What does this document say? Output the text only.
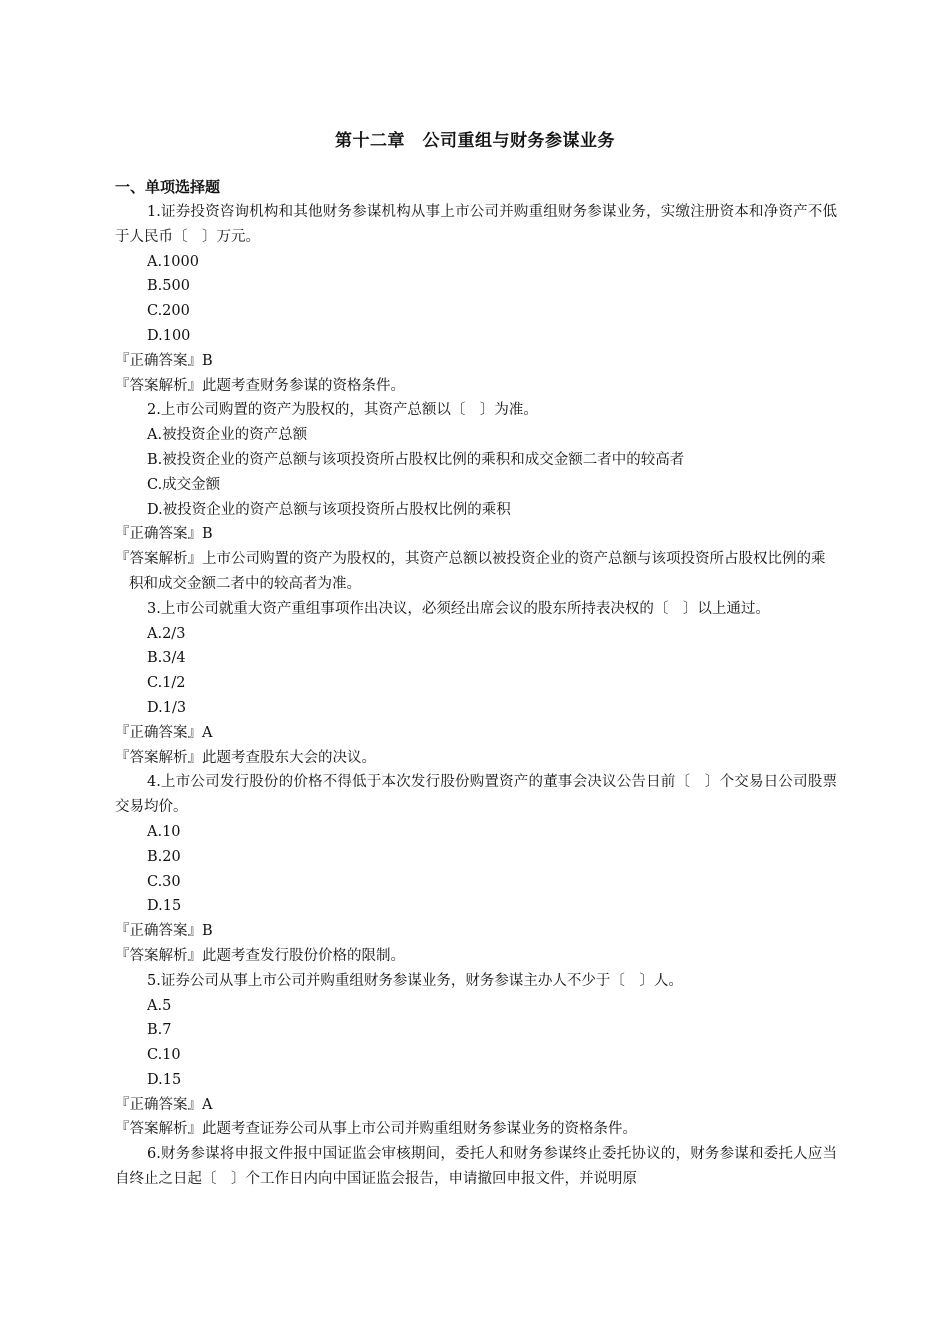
第十二章　公司重组与财务参谋业务
一、单项选择题

1.证券投资咨询机构和其他财务参谋机构从事上市公司并购重组财务参谋业务，实缴注册资本和净资产不低于人民币〔　〕万元。

A.1000

B.500

C.200

D.100

『正确答案』B

『答案解析』此题考查财务参谋的资格条件。

2.上市公司购置的资产为股权的，其资产总额以〔　〕为准。

A.被投资企业的资产总额

B.被投资企业的资产总额与该项投资所占股权比例的乘积和成交金额二者中的较高者

C.成交金额

D.被投资企业的资产总额与该项投资所占股权比例的乘积

『正确答案』B

『答案解析』上市公司购置的资产为股权的，其资产总额以被投资企业的资产总额与该项投资所占股权比例的乘积和成交金额二者中的较高者为准。

3.上市公司就重大资产重组事项作出决议，必须经出席会议的股东所持表决权的〔　〕以上通过。

A.2/3

B.3/4

C.1/2

D.1/3

『正确答案』A

『答案解析』此题考查股东大会的决议。

4.上市公司发行股份的价格不得低于本次发行股份购置资产的董事会决议公告日前〔　〕个交易日公司股票交易均价。

A.10

B.20

C.30

D.15

『正确答案』B

『答案解析』此题考查发行股份价格的限制。

5.证券公司从事上市公司并购重组财务参谋业务，财务参谋主办人不少于〔　〕人。

A.5

B.7

C.10

D.15

『正确答案』A

『答案解析』此题考查证券公司从事上市公司并购重组财务参谋业务的资格条件。

6.财务参谋将申报文件报中国证监会审核期间，委托人和财务参谋终止委托协议的，财务参谋和委托人应当自终止之日起〔　〕个工作日内向中国证监会报告，申请撤回申报文件，并说明原
